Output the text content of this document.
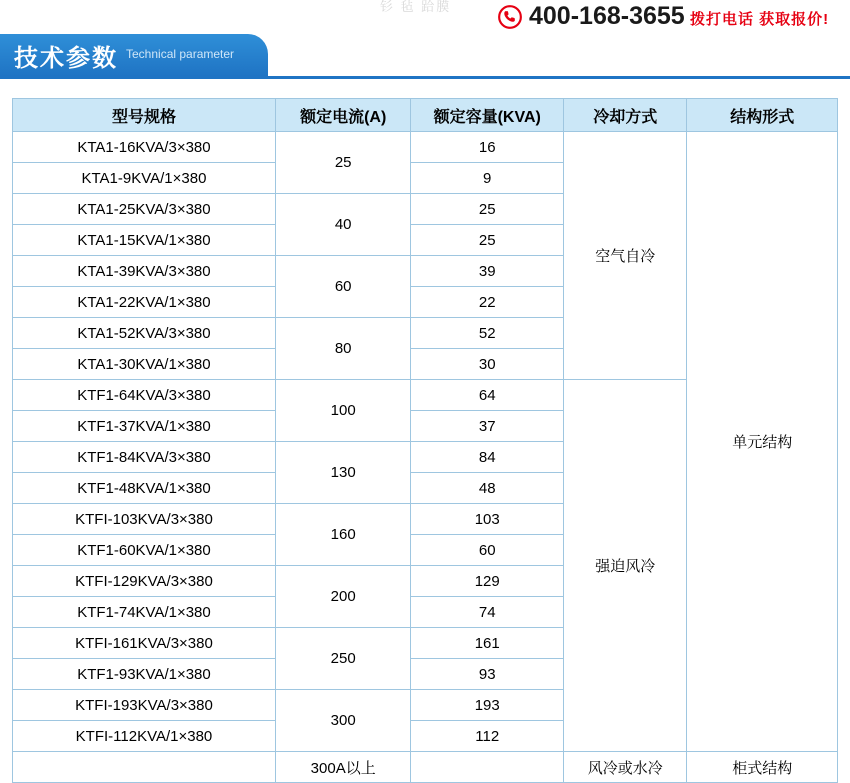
钐 毡 跲膜	400-168-3655 拨打电话 获取报价!
技术参数 Technical parameter
型号规格	额定电流(A)	额定容量(KVA)	冷却方式	结构形式
KTA1-16KVA/3×380	25	16	空气自冷	单元结构
KTA1-9KVA/1×380		9		
KTA1-25KVA/3×380	40	25		
KTA1-15KVA/1×380		25		
KTA1-39KVA/3×380	60	39		
KTA1-22KVA/1×380		22		
KTA1-52KVA/3×380	80	52		
KTA1-30KVA/1×380		30		
KTF1-64KVA/3×380	100	64	强迫风冷	
KTF1-37KVA/1×380		37		
KTF1-84KVA/3×380	130	84		
KTF1-48KVA/1×380		48		
KTFI-103KVA/3×380	160	103		
KTF1-60KVA/1×380		60		
KTFI-129KVA/3×380	200	129		
KTF1-74KVA/1×380		74		
KTFI-161KVA/3×380	250	161		
KTF1-93KVA/1×380		93		
KTFI-193KVA/3×380	300	193		
KTFI-112KVA/1×380		112		
	300A以上		风冷或水冷	柜式结构
